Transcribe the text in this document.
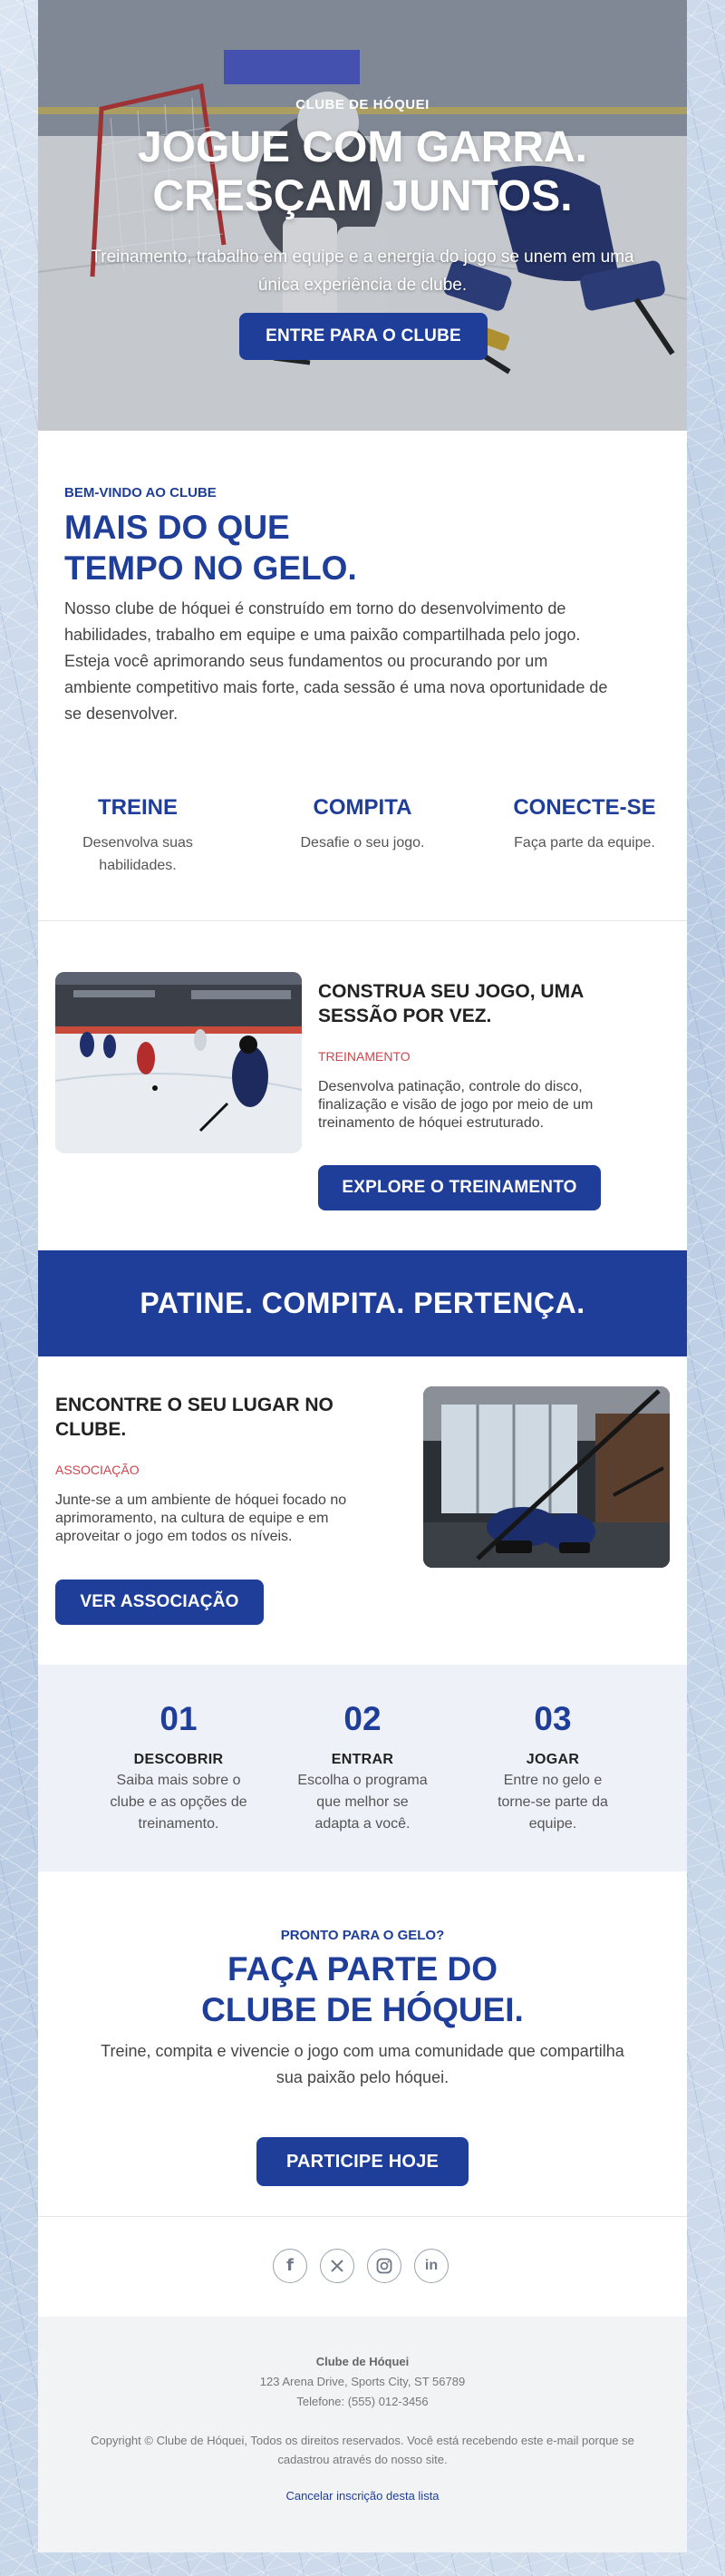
CLUBE DE HÓQUEI
JOGUE COM GARRA.
CRESÇAM JUNTOS.
Treinamento, trabalho em equipe e a energia do jogo se unem em uma única experiência de clube.
ENTRE PARA O CLUBE
BEM-VINDO AO CLUBE
MAIS DO QUE
TEMPO NO GELO.

Nosso clube de hóquei é construído em torno do desenvolvimento de habilidades, trabalho em equipe e uma paixão compartilhada pelo jogo. Esteja você aprimorando seus fundamentos ou procurando por um ambiente competitivo mais forte, cada sessão é uma nova oportunidade de se desenvolver.

TREINE
Desenvolva suas habilidades.
COMPITA
Desafie o seu jogo.
CONECTE-SE
Faça parte da equipe.
CONSTRUA SEU JOGO, UMA SESSÃO POR VEZ.
TREINAMENTO
Desenvolva patinação, controle do disco, finalização e visão de jogo por meio de um treinamento de hóquei estruturado.
EXPLORE O TREINAMENTO
PATINE. COMPITA. PERTENÇA.
ENCONTRE O SEU LUGAR NO CLUBE.
ASSOCIAÇÃO
Junte-se a um ambiente de hóquei focado no aprimoramento, na cultura de equipe e em aproveitar o jogo em todos os níveis.
VER ASSOCIAÇÃO
01
DESCOBRIR
Saiba mais sobre o clube e as opções de treinamento.
02
ENTRAR
Escolha o programa que melhor se adapta a você.
03
JOGAR
Entre no gelo e torne-se parte da equipe.
PRONTO PARA O GELO?
FAÇA PARTE DO
CLUBE DE HÓQUEI.
Treine, compita e vivencie o jogo com uma comunidade que compartilha sua paixão pelo hóquei.
PARTICIPE HOJE
f	in
Clube de Hóquei
123 Arena Drive, Sports City, ST 56789
Telefone: (555) 012-3456
Copyright © Clube de Hóquei, Todos os direitos reservados. Você está recebendo este e-mail porque se cadastrou através do nosso site.
Cancelar inscrição desta lista
